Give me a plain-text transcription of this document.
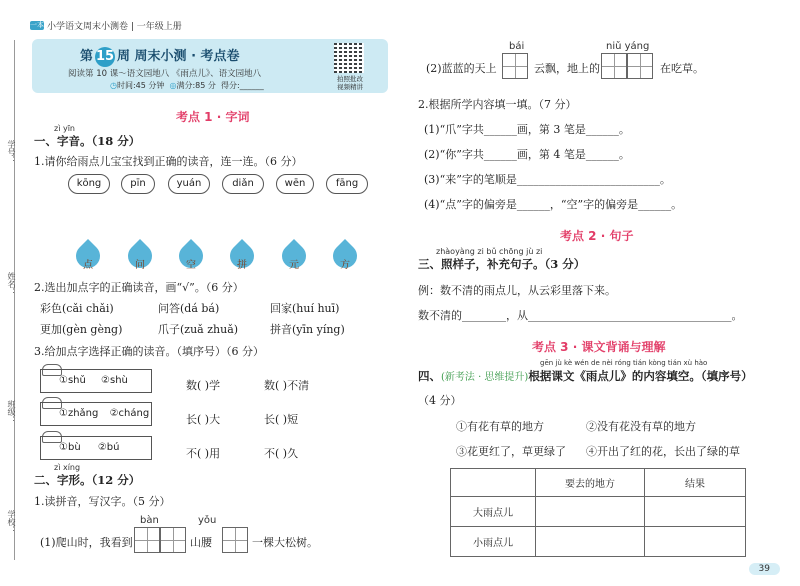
一本 小学语文周末小测卷 | 一年级上册
学号：
姓名：
班级：
学校：
第 15 周 周末小测 · 考点卷
阅读第 10 课～语文园地八 《雨点儿》、语文园地八
◷时间:45 分钟 ◎满分:85 分 得分:______
拍照批改
视频精讲
考点 1 · 字词
zì yīn
一、字音。（18 分）
1.请你给雨点儿宝宝找到正确的读音，连一连。（6 分）
kōng	pīn	yuán	diǎn	wēn	fāng
点	问	空	拼	元	方
2.选出加点字的正确读音，画“√”。（6 分）
彩色(cǎi chǎi)	问答(dá bá)	回家(huí huī)
更加(gèn gèng)	爪子(zuǎ zhuǎ)	拼音(yīn yíng)
3.给加点字选择正确的读音。（填序号）（6 分）
①shǔ ②shù
①zhǎng ②cháng
①bù ②bú
数( )学	数( )不清
长( )大	长( )短
不( )用	不( )久
zì xíng
二、字形。（12 分）
1.读拼音，写汉字。（5 分）
bàn	yǒu
(1)爬山时，我看到	山腰	一棵大松树。
bái	niǔ yáng
(2)蓝蓝的天上	云飘，地上的	在吃草。
2.根据所学内容填一填。（7 分）
(1)“爪”字共______画，第 3 笔是______。
(2)“你”字共______画，第 4 笔是______。
(3)“来”字的笔顺是__________________________。
(4)“点”字的偏旁是______，“空”字的偏旁是______。
考点 2 · 句子
zhàoyàng zi bǔ chōng jù zi
三、照样子，补充句子。（3 分）
例：数不清的雨点儿，从云彩里落下来。
数不清的________，从_____________________________________。
考点 3 · 课文背诵与理解
gēn jù kè wén de nèi róng tián kòng tián xù hào
四、(新考法 · 思维提升)根据课文《雨点儿》的内容填空。（填序号）
（4 分）
①有花有草的地方	②没有花没有草的地方
③花更红了，草更绿了 ④开出了红的花，长出了绿的草
	要去的地方	结果
大雨点儿		
小雨点儿		
39
